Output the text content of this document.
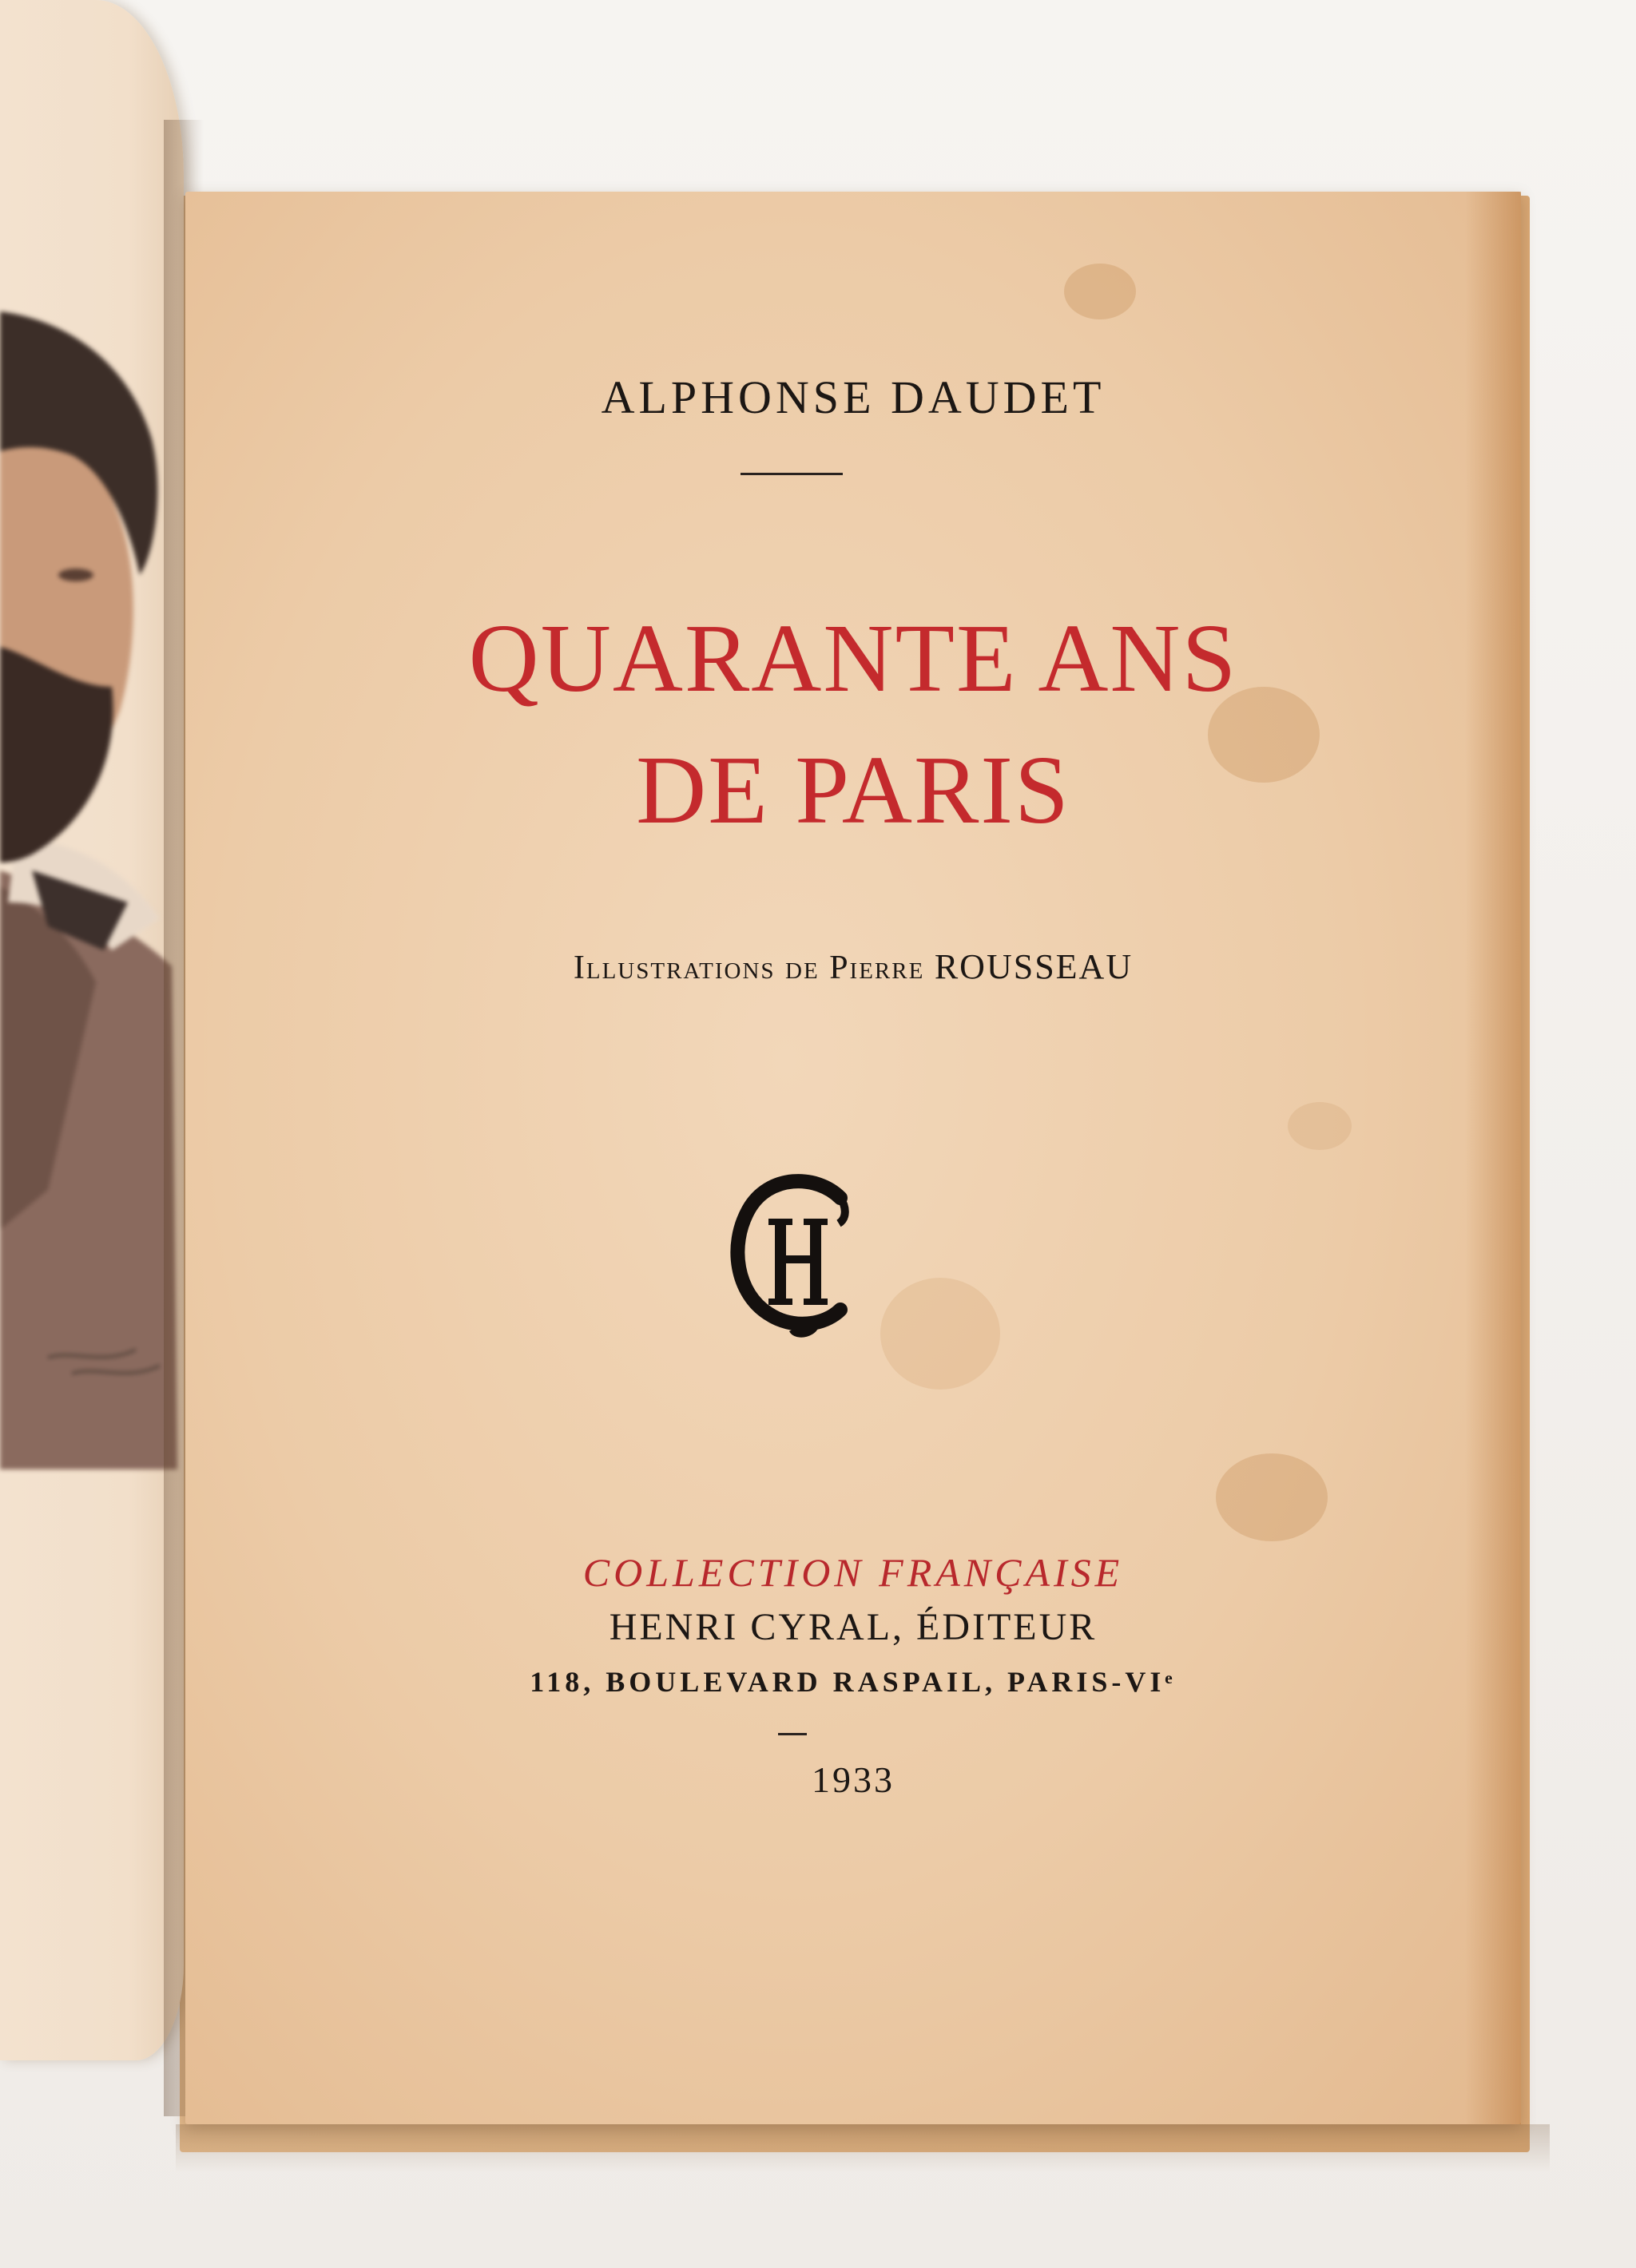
ALPHONSE DAUDET
QUARANTE ANS
DE PARIS
Illustrations de Pierre ROUSSEAU
COLLECTION FRANÇAISE
HENRI CYRAL, ÉDITEUR
118, BOULEVARD RASPAIL, PARIS-VIᵉ
1933
